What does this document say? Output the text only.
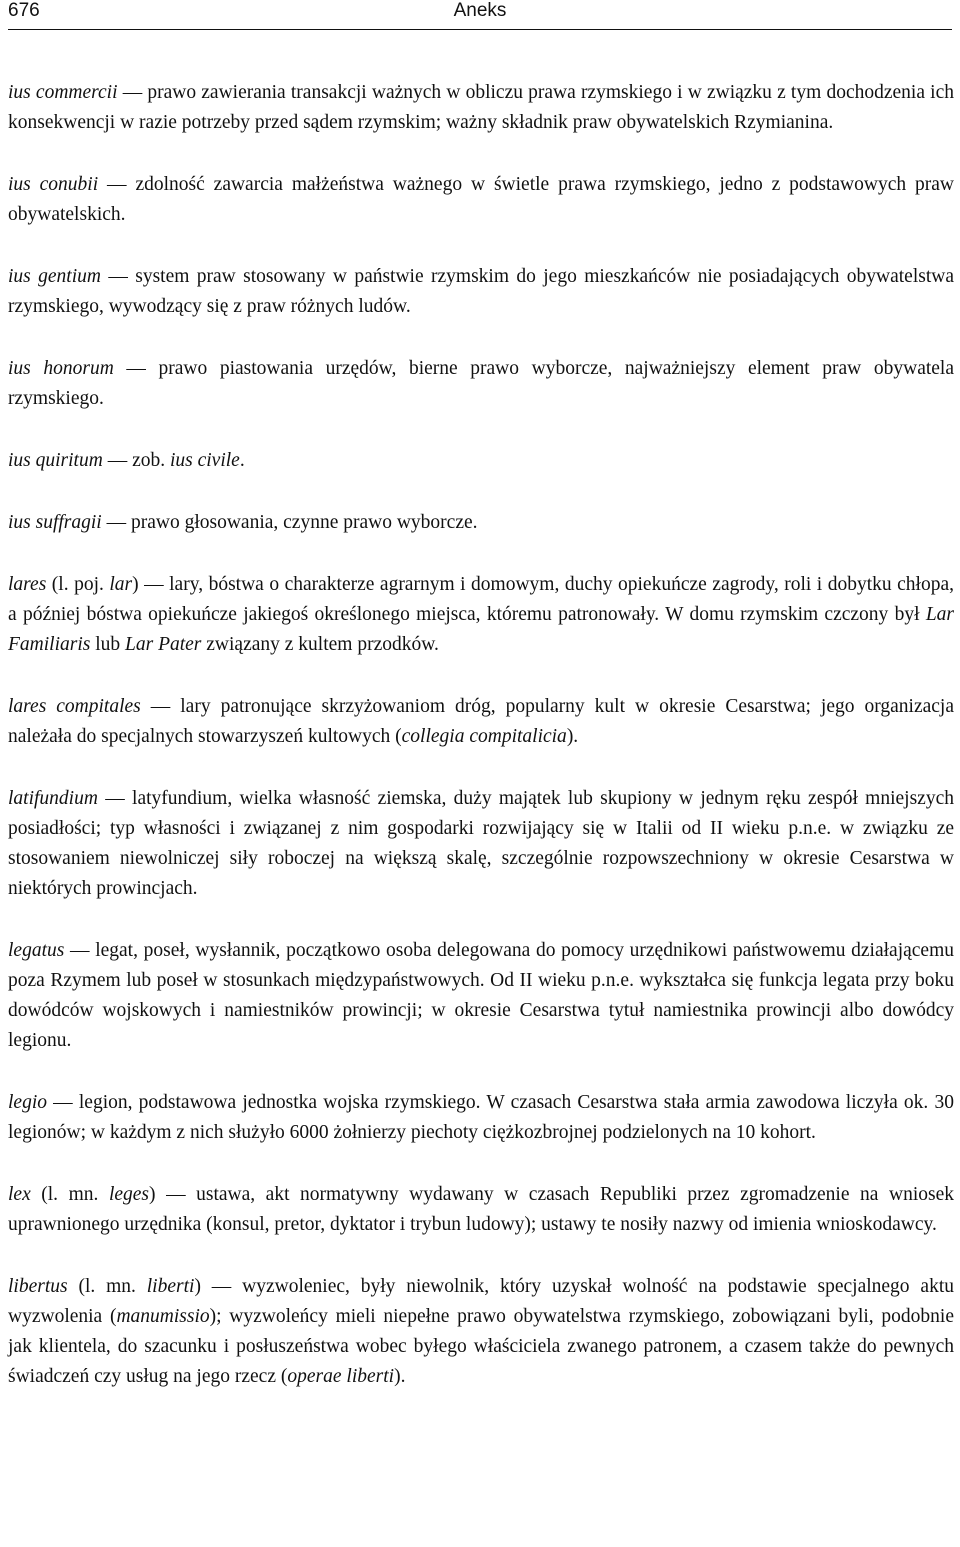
676	Aneks

ius commercii — prawo zawierania transakcji ważnych w obliczu prawa rzymskiego i w związku z tym dochodzenia ich konsekwencji w razie potrzeby przed sądem rzymskim; ważny składnik praw obywatelskich Rzymianina.

ius conubii — zdolność zawarcia małżeństwa ważnego w świetle prawa rzymskiego, jedno z podstawowych praw obywatelskich.

ius gentium — system praw stosowany w państwie rzymskim do jego mieszkańców nie posiadających obywatelstwa rzymskiego, wywodzący się z praw różnych ludów.

ius honorum — prawo piastowania urzędów, bierne prawo wyborcze, najważniejszy element praw obywatela rzymskiego.

ius quiritum — zob. ius civile.

ius suffragii — prawo głosowania, czynne prawo wyborcze.

lares (l. poj. lar) — lary, bóstwa o charakterze agrarnym i domowym, duchy opiekuńcze zagrody, roli i dobytku chłopa, a później bóstwa opiekuńcze jakiegoś określonego miejsca, któremu patronowały. W domu rzymskim czczony był Lar Familiaris lub Lar Pater związany z kultem przodków.

lares compitales — lary patronujące skrzyżowaniom dróg, popularny kult w okresie Cesarstwa; jego organizacja należała do specjalnych stowarzyszeń kultowych (collegia compitalicia).

latifundium — latyfundium, wielka własność ziemska, duży majątek lub skupiony w jednym ręku zespół mniejszych posiadłości; typ własności i związanej z nim gospodarki rozwijający się w Italii od II wieku p.n.e. w związku ze stosowaniem niewolniczej siły roboczej na większą skalę, szczególnie rozpowszechniony w okresie Cesarstwa w niektórych prowincjach.

legatus — legat, poseł, wysłannik, początkowo osoba delegowana do pomocy urzędnikowi państwowemu działającemu poza Rzymem lub poseł w stosunkach międzypaństwowych. Od II wieku p.n.e. wykształca się funkcja legata przy boku dowódców wojskowych i namiestników prowincji; w okresie Cesarstwa tytuł namiestnika prowincji albo dowódcy legionu.

legio — legion, podstawowa jednostka wojska rzymskiego. W czasach Cesarstwa stała armia zawodowa liczyła ok. 30 legionów; w każdym z nich służyło 6000 żołnierzy piechoty ciężkozbrojnej podzielonych na 10 kohort.

lex (l. mn. leges) — ustawa, akt normatywny wydawany w czasach Republiki przez zgromadzenie na wniosek uprawnionego urzędnika (konsul, pretor, dyktator i trybun ludowy); ustawy te nosiły nazwy od imienia wnioskodawcy.

libertus (l. mn. liberti) — wyzwoleniec, były niewolnik, który uzyskał wolność na podstawie specjalnego aktu wyzwolenia (manumissio); wyzwoleńcy mieli niepełne prawo obywatelstwa rzymskiego, zobowiązani byli, podobnie jak klientela, do szacunku i posłuszeństwa wobec byłego właściciela zwanego patronem, a czasem także do pewnych świadczeń czy usług na jego rzecz (operae liberti).
